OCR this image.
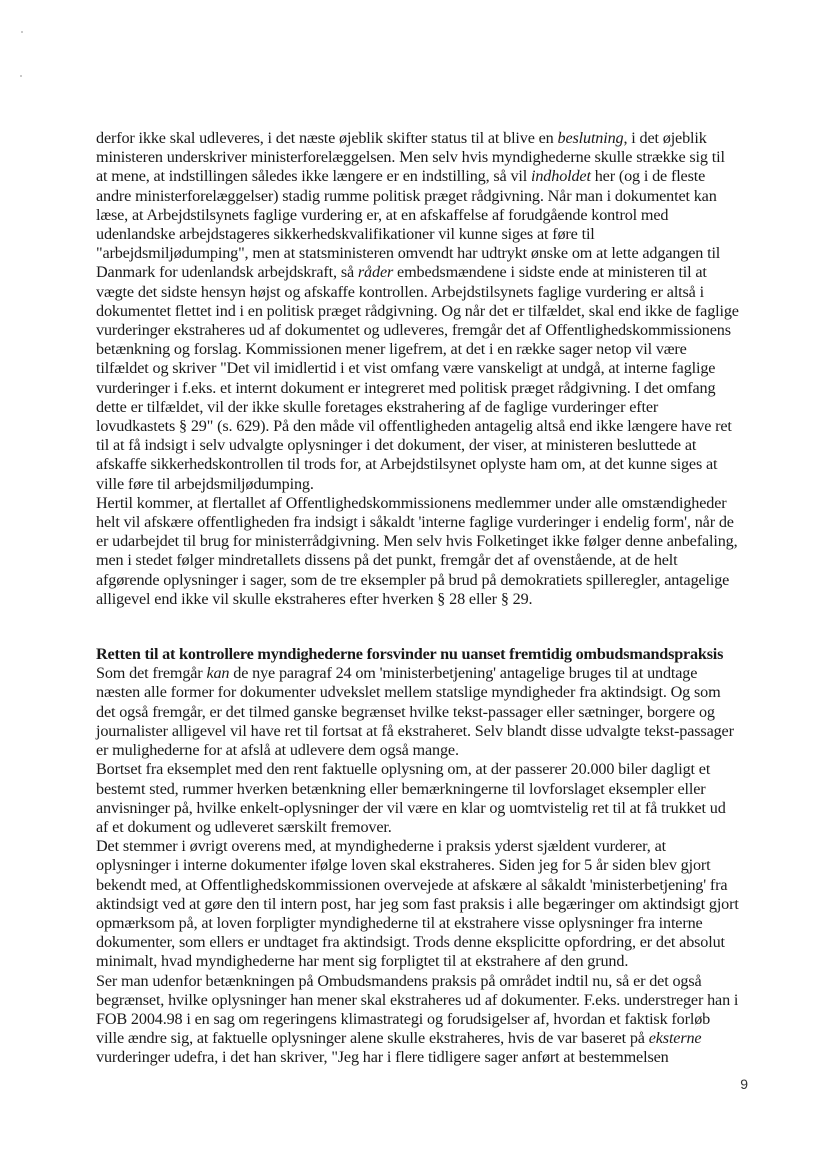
derfor ikke skal udleveres, i det næste øjeblik skifter status til at blive en beslutning, i det øjeblik ministeren underskriver ministerforelæggelsen. Men selv hvis myndighederne skulle strække sig til at mene, at indstillingen således ikke længere er en indstilling, så vil indholdet her (og i de fleste andre ministerforelæggelser) stadig rumme politisk præget rådgivning. Når man i dokumentet kan læse, at Arbejdstilsynets faglige vurdering er, at en afskaffelse af forudgående kontrol med udenlandske arbejdstageres sikkerhedskvalifikationer vil kunne siges at føre til "arbejdsmiljødumping", men at statsministeren omvendt har udtrykt ønske om at lette adgangen til Danmark for udenlandsk arbejdskraft, så råder embedsmændene i sidste ende at ministeren til at vægte det sidste hensyn højst og afskaffe kontrollen. Arbejdstilsynets faglige vurdering er altså i dokumentet flettet ind i en politisk præget rådgivning. Og når det er tilfældet, skal end ikke de faglige vurderinger ekstraheres ud af dokumentet og udleveres, fremgår det af Offentlighedskommissionens betænkning og forslag. Kommissionen mener ligefrem, at det i en række sager netop vil være tilfældet og skriver "Det vil imidlertid i et vist omfang være vanskeligt at undgå, at interne faglige vurderinger i f.eks. et internt dokument er integreret med politisk præget rådgivning. I det omfang dette er tilfældet, vil der ikke skulle foretages ekstrahering af de faglige vurderinger efter lovudkastets § 29" (s. 629). På den måde vil offentligheden antagelig altså end ikke længere have ret til at få indsigt i selv udvalgte oplysninger i det dokument, der viser, at ministeren besluttede at afskaffe sikkerhedskontrollen til trods for, at Arbejdstilsynet oplyste ham om, at det kunne siges at ville føre til arbejdsmiljødumping.

Hertil kommer, at flertallet af Offentlighedskommissionens medlemmer under alle omstændigheder helt vil afskære offentligheden fra indsigt i såkaldt 'interne faglige vurderinger i endelig form', når de er udarbejdet til brug for ministerrådgivning. Men selv hvis Folketinget ikke følger denne anbefaling, men i stedet følger mindretallets dissens på det punkt, fremgår det af ovenstående, at de helt afgørende oplysninger i sager, som de tre eksempler på brud på demokratiets spilleregler, antagelige alligevel end ikke vil skulle ekstraheres efter hverken § 28 eller § 29.

Retten til at kontrollere myndighederne forsvinder nu uanset fremtidig ombudsmandspraksis

Som det fremgår kan de nye paragraf 24 om 'ministerbetjening' antagelige bruges til at undtage næsten alle former for dokumenter udvekslet mellem statslige myndigheder fra aktindsigt. Og som det også fremgår, er det tilmed ganske begrænset hvilke tekst-passager eller sætninger, borgere og journalister alligevel vil have ret til fortsat at få ekstraheret. Selv blandt disse udvalgte tekst-passager er mulighederne for at afslå at udlevere dem også mange.

Bortset fra eksemplet med den rent faktuelle oplysning om, at der passerer 20.000 biler dagligt et bestemt sted, rummer hverken betænkning eller bemærkningerne til lovforslaget eksempler eller anvisninger på, hvilke enkelt-oplysninger der vil være en klar og uomtvistelig ret til at få trukket ud af et dokument og udleveret særskilt fremover.

Det stemmer i øvrigt overens med, at myndighederne i praksis yderst sjældent vurderer, at oplysninger i interne dokumenter ifølge loven skal ekstraheres. Siden jeg for 5 år siden blev gjort bekendt med, at Offentlighedskommissionen overvejede at afskære al såkaldt 'ministerbetjening' fra aktindsigt ved at gøre den til intern post, har jeg som fast praksis i alle begæringer om aktindsigt gjort opmærksom på, at loven forpligter myndighederne til at ekstrahere visse oplysninger fra interne dokumenter, som ellers er undtaget fra aktindsigt. Trods denne eksplicitte opfordring, er det absolut minimalt, hvad myndighederne har ment sig forpligtet til at ekstrahere af den grund.

Ser man udenfor betænkningen på Ombudsmandens praksis på området indtil nu, så er det også begrænset, hvilke oplysninger han mener skal ekstraheres ud af dokumenter. F.eks. understreger han i FOB 2004.98 i en sag om regeringens klimastrategi og forudsigelser af, hvordan et faktisk forløb ville ændre sig, at faktuelle oplysninger alene skulle ekstraheres, hvis de var baseret på eksterne vurderinger udefra, i det han skriver, "Jeg har i flere tidligere sager anført at bestemmelsen

9
